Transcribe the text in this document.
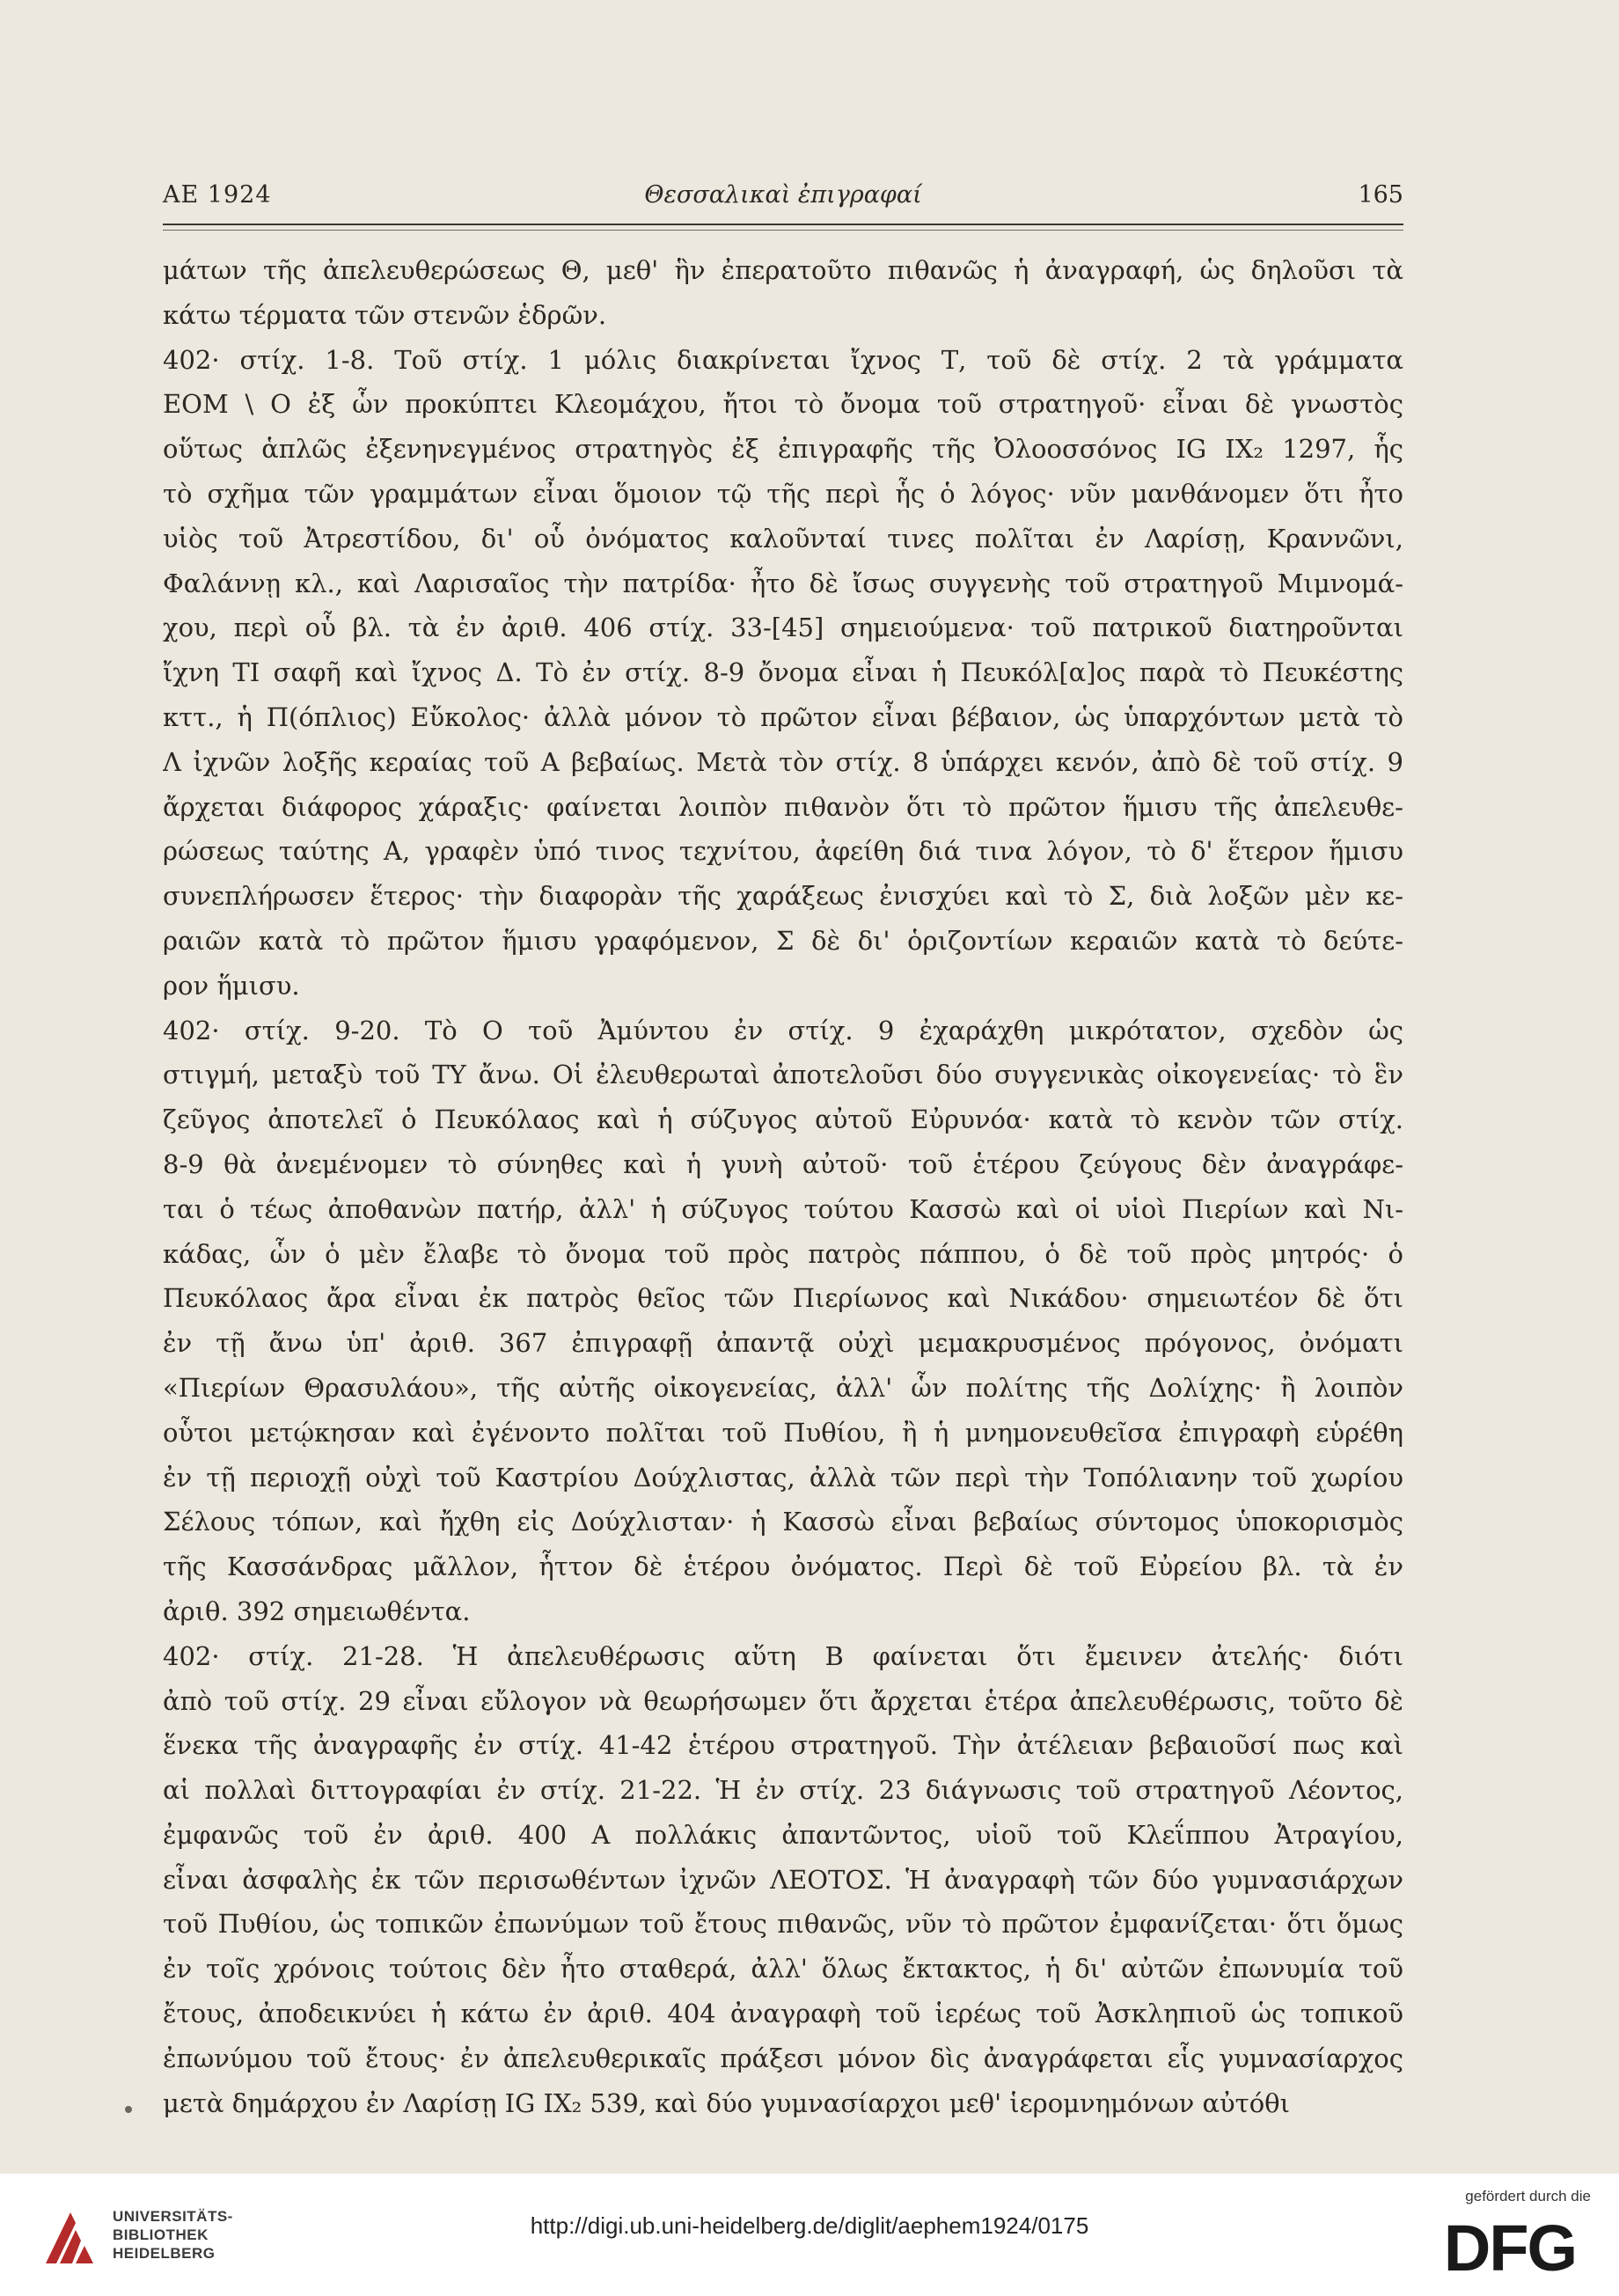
ΑΕ 1924	Θεσσαλικαὶ ἐπιγραφαί	165
μάτων τῆς ἀπελευθερώσεως Θ, μεθ' ἣν ἐπερατοῦτο πιθανῶς ἡ ἀναγραφή, ὡς δηλοῦσι τὰ
κάτω τέρματα τῶν στενῶν ἑδρῶν.
402· στίχ. 1-8. Τοῦ στίχ. 1 μόλις διακρίνεται ἴχνος Τ, τοῦ δὲ στίχ. 2 τὰ γράμματα
ΕΟΜ \ Ο ἐξ ὧν προκύπτει Κλεομάχου, ἤτοι τὸ ὄνομα τοῦ στρατηγοῦ· εἶναι δὲ γνωστὸς
οὕτως ἁπλῶς ἐξενηνεγμένος στρατηγὸς ἐξ ἐπιγραφῆς τῆς Ὀλοοσσόνος IG IX₂ 1297, ἧς
τὸ σχῆμα τῶν γραμμάτων εἶναι ὅμοιον τῷ τῆς περὶ ἧς ὁ λόγος· νῦν μανθάνομεν ὅτι ἦτο
υἱὸς τοῦ Ἀτρεστίδου, δι' οὗ ὀνόματος καλοῦνταί τινες πολῖται ἐν Λαρίσῃ, Κραννῶνι,
Φαλάννῃ κλ., καὶ Λαρισαῖος τὴν πατρίδα· ἦτο δὲ ἴσως συγγενὴς τοῦ στρατηγοῦ Μιμνομά-
χου, περὶ οὗ βλ. τὰ ἐν ἀριθ. 406 στίχ. 33-[45] σημειούμενα· τοῦ πατρικοῦ διατηροῦνται
ἴχνη ΤΙ σαφῆ καὶ ἴχνος Δ. Τὸ ἐν στίχ. 8-9 ὄνομα εἶναι ἡ Πευκόλ[α]ος παρὰ τὸ Πευκέστης
κττ., ἡ Π(όπλιος) Εὔκολος· ἀλλὰ μόνον τὸ πρῶτον εἶναι βέβαιον, ὡς ὑπαρχόντων μετὰ τὸ
Λ ἰχνῶν λοξῆς κεραίας τοῦ Α βεβαίως. Μετὰ τὸν στίχ. 8 ὑπάρχει κενόν, ἀπὸ δὲ τοῦ στίχ. 9
ἄρχεται διάφορος χάραξις· φαίνεται λοιπὸν πιθανὸν ὅτι τὸ πρῶτον ἥμισυ τῆς ἀπελευθε-
ρώσεως ταύτης Α, γραφὲν ὑπό τινος τεχνίτου, ἀφείθη διά τινα λόγον, τὸ δ' ἕτερον ἥμισυ
συνεπλήρωσεν ἕτερος· τὴν διαφορὰν τῆς χαράξεως ἐνισχύει καὶ τὸ Σ, διὰ λοξῶν μὲν κε-
ραιῶν κατὰ τὸ πρῶτον ἥμισυ γραφόμενον, Σ δὲ δι' ὁριζοντίων κεραιῶν κατὰ τὸ δεύτε-
ρον ἥμισυ.
402· στίχ. 9-20. Τὸ Ο τοῦ Ἀμύντου ἐν στίχ. 9 ἐχαράχθη μικρότατον, σχεδὸν ὡς
στιγμή, μεταξὺ τοῦ ΤΥ ἄνω. Οἱ ἐλευθερωταὶ ἀποτελοῦσι δύο συγγενικὰς οἰκογενείας· τὸ ἓν
ζεῦγος ἀποτελεῖ ὁ Πευκόλαος καὶ ἡ σύζυγος αὐτοῦ Εὐρυνόα· κατὰ τὸ κενὸν τῶν στίχ.
8-9 θὰ ἀνεμένομεν τὸ σύνηθες καὶ ἡ γυνὴ αὐτοῦ· τοῦ ἑτέρου ζεύγους δὲν ἀναγράφε-
ται ὁ τέως ἀποθανὼν πατήρ, ἀλλ' ἡ σύζυγος τούτου Κασσὼ καὶ οἱ υἱοὶ Πιερίων καὶ Νι-
κάδας, ὧν ὁ μὲν ἔλαβε τὸ ὄνομα τοῦ πρὸς πατρὸς πάππου, ὁ δὲ τοῦ πρὸς μητρός· ὁ
Πευκόλαος ἄρα εἶναι ἐκ πατρὸς θεῖος τῶν Πιερίωνος καὶ Νικάδου· σημειωτέον δὲ ὅτι
ἐν τῇ ἄνω ὑπ' ἀριθ. 367 ἐπιγραφῇ ἀπαντᾷ οὐχὶ μεμακρυσμένος πρόγονος, ὀνόματι
«Πιερίων Θρασυλάου», τῆς αὐτῆς οἰκογενείας, ἀλλ' ὧν πολίτης τῆς Δολίχης· ἢ λοιπὸν
οὗτοι μετῴκησαν καὶ ἐγένοντο πολῖται τοῦ Πυθίου, ἢ ἡ μνημονευθεῖσα ἐπιγραφὴ εὑρέθη
ἐν τῇ περιοχῇ οὐχὶ τοῦ Καστρίου Δούχλιστας, ἀλλὰ τῶν περὶ τὴν Τοπόλιανην τοῦ χωρίου
Σέλους τόπων, καὶ ἤχθη εἰς Δούχλισταν· ἡ Κασσὼ εἶναι βεβαίως σύντομος ὑποκορισμὸς
τῆς Κασσάνδρας μᾶλλον, ἧττον δὲ ἑτέρου ὀνόματος. Περὶ δὲ τοῦ Εὐρείου βλ. τὰ ἐν
ἀριθ. 392 σημειωθέντα.
402· στίχ. 21-28. Ἡ ἀπελευθέρωσις αὕτη Β φαίνεται ὅτι ἔμεινεν ἀτελής· διότι
ἀπὸ τοῦ στίχ. 29 εἶναι εὔλογον νὰ θεωρήσωμεν ὅτι ἄρχεται ἑτέρα ἀπελευθέρωσις, τοῦτο δὲ
ἕνεκα τῆς ἀναγραφῆς ἐν στίχ. 41-42 ἑτέρου στρατηγοῦ. Τὴν ἀτέλειαν βεβαιοῦσί πως καὶ
αἱ πολλαὶ διττογραφίαι ἐν στίχ. 21-22. Ἡ ἐν στίχ. 23 διάγνωσις τοῦ στρατηγοῦ Λέοντος,
ἐμφανῶς τοῦ ἐν ἀριθ. 400 Α πολλάκις ἀπαντῶντος, υἱοῦ τοῦ Κλεΐππου Ἀτραγίου,
εἶναι ἀσφαλὴς ἐκ τῶν περισωθέντων ἰχνῶν ΛΕΟΤΟΣ. Ἡ ἀναγραφὴ τῶν δύο γυμνασιάρχων
τοῦ Πυθίου, ὡς τοπικῶν ἐπωνύμων τοῦ ἔτους πιθανῶς, νῦν τὸ πρῶτον ἐμφανίζεται· ὅτι ὅμως
ἐν τοῖς χρόνοις τούτοις δὲν ἦτο σταθερά, ἀλλ' ὅλως ἔκτακτος, ἡ δι' αὐτῶν ἐπωνυμία τοῦ
ἔτους, ἀποδεικνύει ἡ κάτω ἐν ἀριθ. 404 ἀναγραφὴ τοῦ ἱερέως τοῦ Ἀσκληπιοῦ ὡς τοπικοῦ
ἐπωνύμου τοῦ ἔτους· ἐν ἀπελευθερικαῖς πράξεσι μόνον δὶς ἀναγράφεται εἷς γυμνασίαρχος
μετὰ δημάρχου ἐν Λαρίσῃ IG IX₂ 539, καὶ δύο γυμνασίαρχοι μεθ' ἱερομνημόνων αὐτόθι
UNIVERSITÄTS-
BIBLIOTHEK
HEIDELBERG
http://digi.ub.uni-heidelberg.de/diglit/aephem1924/0175
gefördert durch die
DFG
